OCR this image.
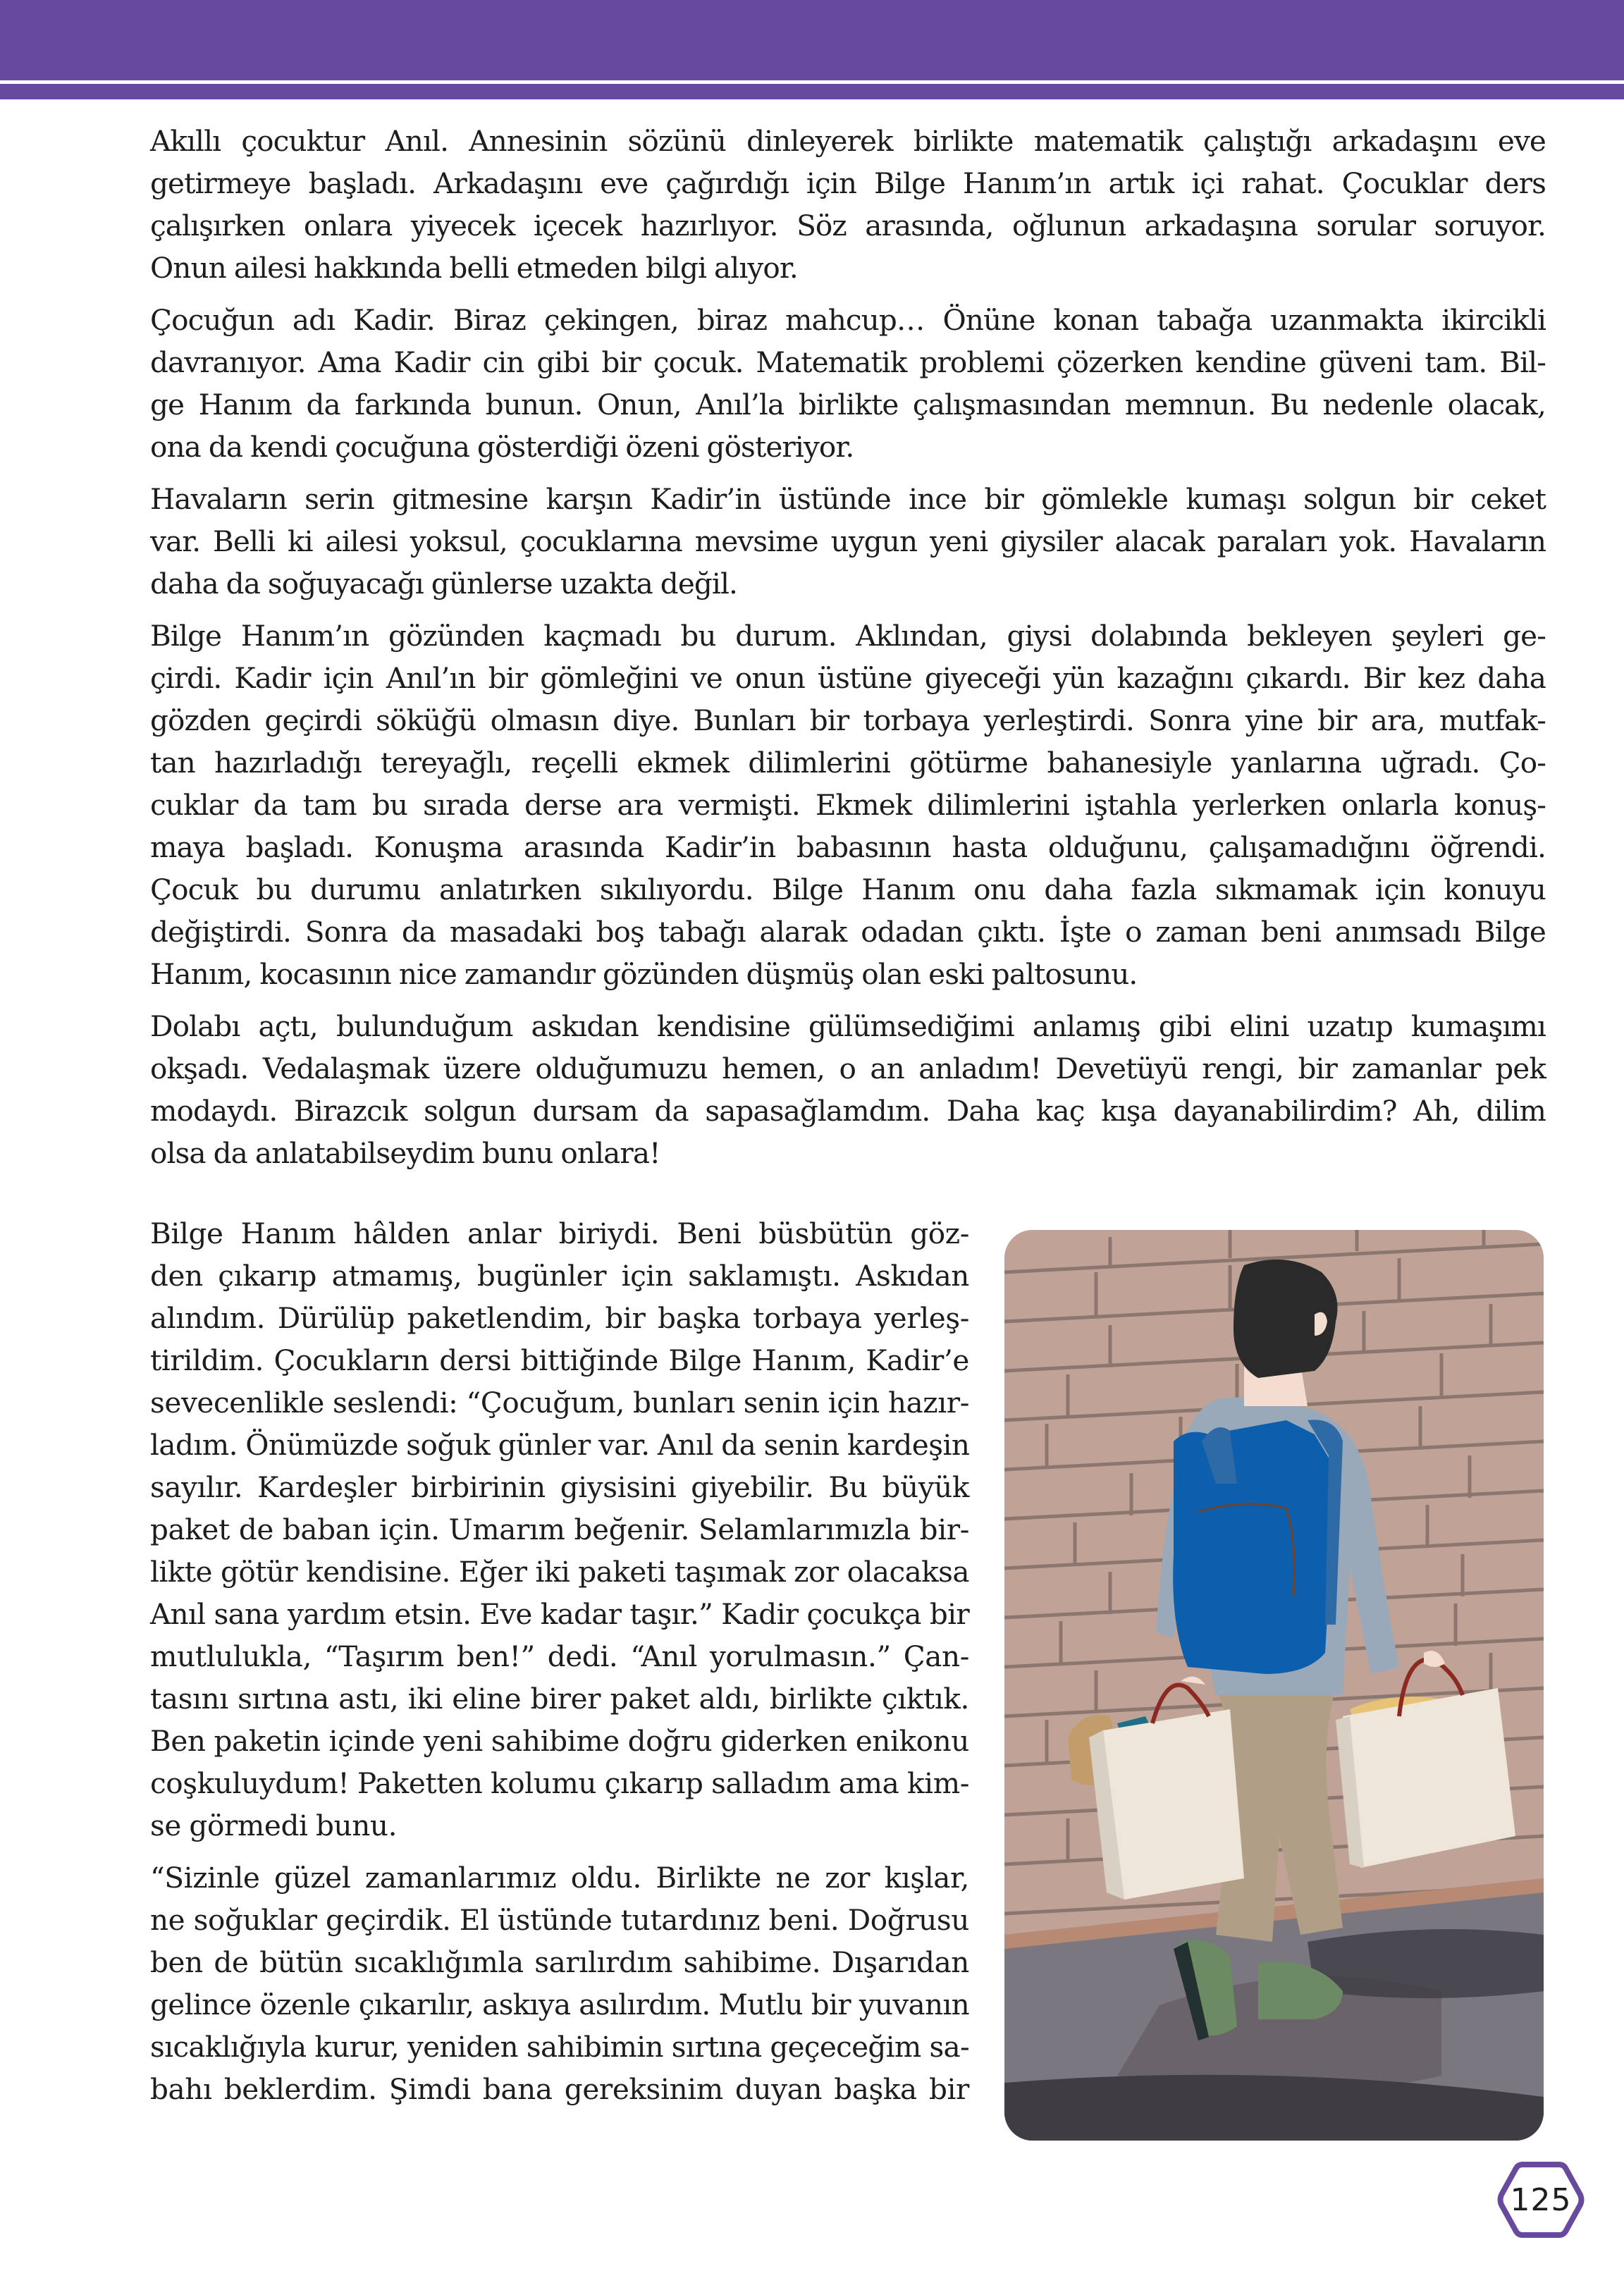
Akıllı çocuktur Anıl. Annesinin sözünü dinleyerek birlikte matematik çalıştığı arkadaşını eve
getirmeye başladı. Arkadaşını eve çağırdığı için Bilge Hanım’ın artık içi rahat. Çocuklar ders
çalışırken onlara yiyecek içecek hazırlıyor. Söz arasında, oğlunun arkadaşına sorular soruyor.
Onun ailesi hakkında belli etmeden bilgi alıyor.

Çocuğun adı Kadir. Biraz çekingen, biraz mahcup… Önüne konan tabağa uzanmakta ikircikli
davranıyor. Ama Kadir cin gibi bir çocuk. Matematik problemi çözerken kendine güveni tam. Bil-
ge Hanım da farkında bunun. Onun, Anıl’la birlikte çalışmasından memnun. Bu nedenle olacak,
ona da kendi çocuğuna gösterdiği özeni gösteriyor.

Havaların serin gitmesine karşın Kadir’in üstünde ince bir gömlekle kumaşı solgun bir ceket
var. Belli ki ailesi yoksul, çocuklarına mevsime uygun yeni giysiler alacak paraları yok. Havaların
daha da soğuyacağı günlerse uzakta değil.

Bilge Hanım’ın gözünden kaçmadı bu durum. Aklından, giysi dolabında bekleyen şeyleri ge-
çirdi. Kadir için Anıl’ın bir gömleğini ve onun üstüne giyeceği yün kazağını çıkardı. Bir kez daha
gözden geçirdi söküğü olmasın diye. Bunları bir torbaya yerleştirdi. Sonra yine bir ara, mutfak-
tan hazırladığı tereyağlı, reçelli ekmek dilimlerini götürme bahanesiyle yanlarına uğradı. Ço-
cuklar da tam bu sırada derse ara vermişti. Ekmek dilimlerini iştahla yerlerken onlarla konuş-
maya başladı. Konuşma arasında Kadir’in babasının hasta olduğunu, çalışamadığını öğrendi.
Çocuk bu durumu anlatırken sıkılıyordu. Bilge Hanım onu daha fazla sıkmamak için konuyu
değiştirdi. Sonra da masadaki boş tabağı alarak odadan çıktı. İşte o zaman beni anımsadı Bilge
Hanım, kocasının nice zamandır gözünden düşmüş olan eski paltosunu.

Dolabı açtı, bulunduğum askıdan kendisine gülümsediğimi anlamış gibi elini uzatıp kumaşımı
okşadı. Vedalaşmak üzere olduğumuzu hemen, o an anladım! Devetüyü rengi, bir zamanlar pek
modaydı. Birazcık solgun dursam da sapasağlamdım. Daha kaç kışa dayanabilirdim? Ah, dilim
olsa da anlatabilseydim bunu onlara!

Bilge Hanım hâlden anlar biriydi. Beni büsbütün göz-
den çıkarıp atmamış, bugünler için saklamıştı. Askıdan
alındım. Dürülüp paketlendim, bir başka torbaya yerleş-
tirildim. Çocukların dersi bittiğinde Bilge Hanım, Kadir’e
sevecenlikle seslendi: “Çocuğum, bunları senin için hazır-
ladım. Önümüzde soğuk günler var. Anıl da senin kardeşin
sayılır. Kardeşler birbirinin giysisini giyebilir. Bu büyük
paket de baban için. Umarım beğenir. Selamlarımızla bir-
likte götür kendisine. Eğer iki paketi taşımak zor olacaksa
Anıl sana yardım etsin. Eve kadar taşır.” Kadir çocukça bir
mutlulukla, “Taşırım ben!” dedi. “Anıl yorulmasın.” Çan-
tasını sırtına astı, iki eline birer paket aldı, birlikte çıktık.
Ben paketin içinde yeni sahibime doğru giderken enikonu
coşkuluydum! Paketten kolumu çıkarıp salladım ama kim-
se görmedi bunu.

“Sizinle güzel zamanlarımız oldu. Birlikte ne zor kışlar,
ne soğuklar geçirdik. El üstünde tutardınız beni. Doğrusu
ben de bütün sıcaklığımla sarılırdım sahibime. Dışarıdan
gelince özenle çıkarılır, askıya asılırdım. Mutlu bir yuvanın
sıcaklığıyla kurur, yeniden sahibimin sırtına geçeceğim sa-
bahı beklerdim. Şimdi bana gereksinim duyan başka bir

125
